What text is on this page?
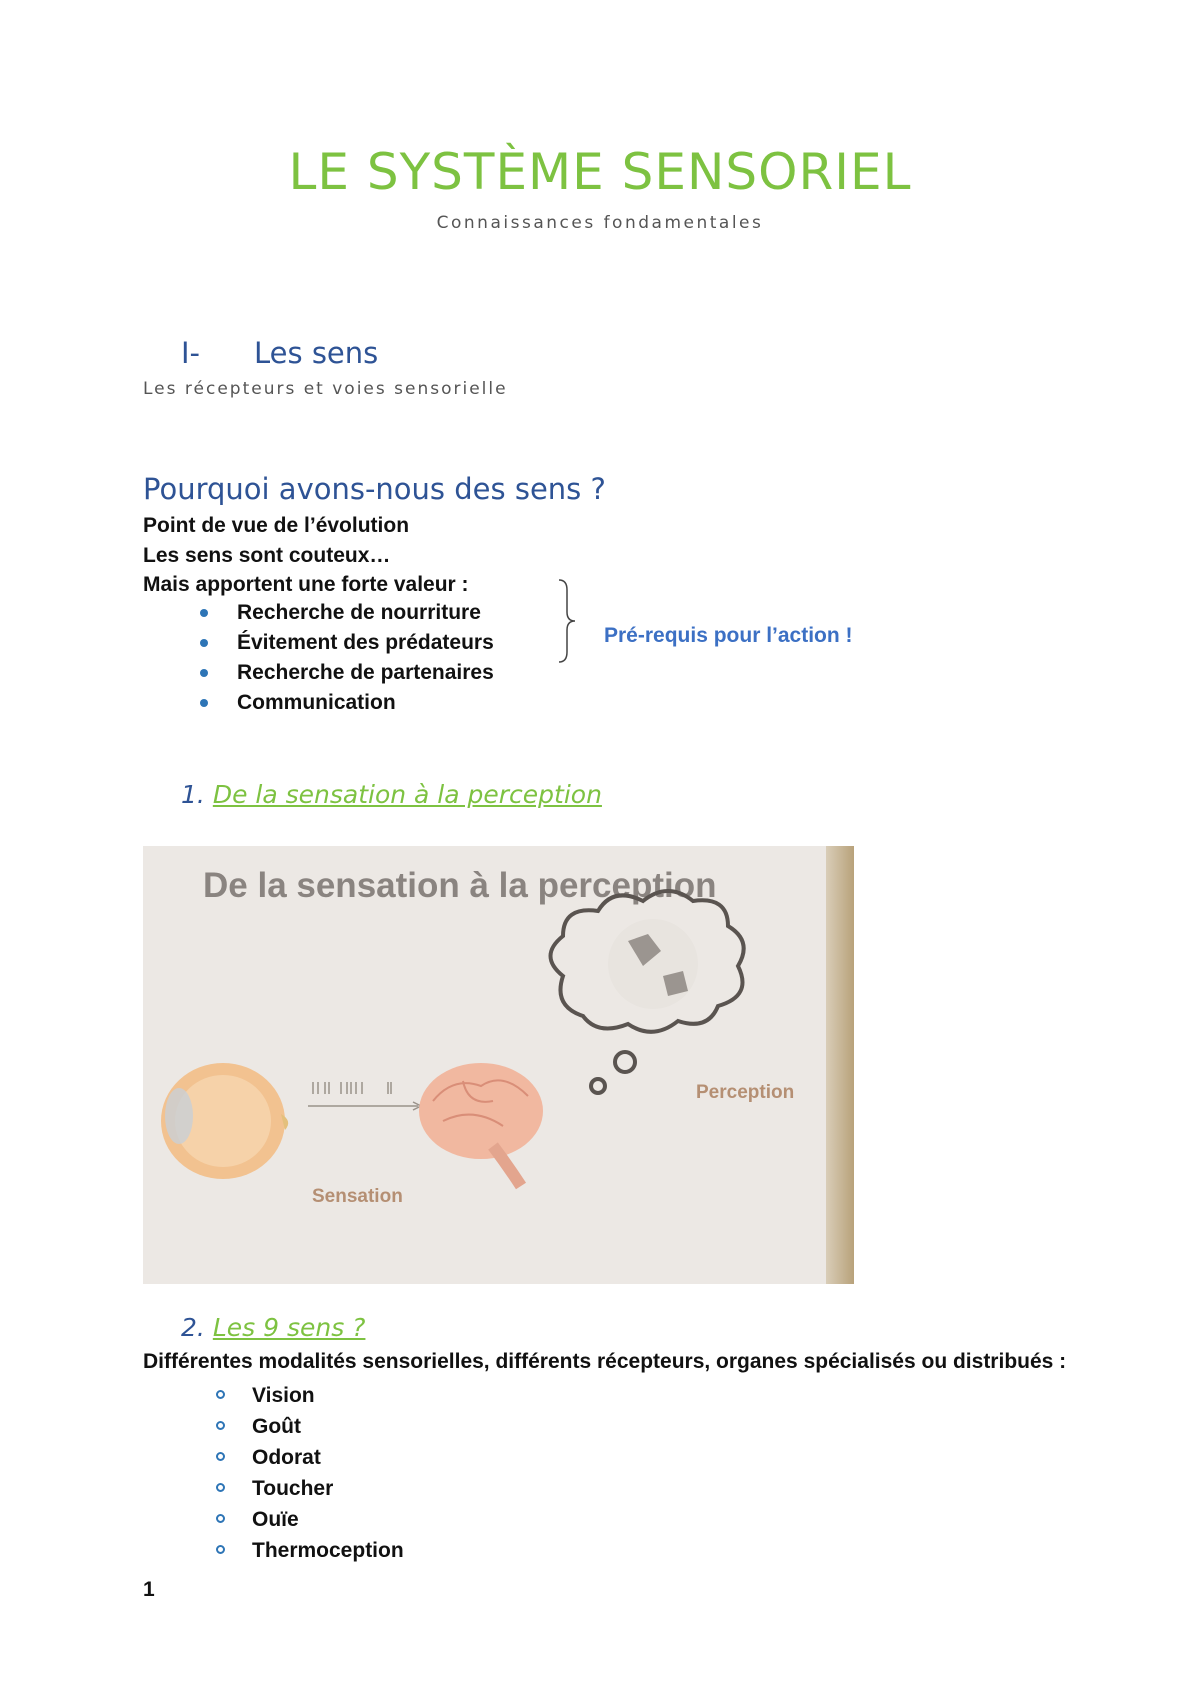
LE SYSTÈME SENSORIEL
Connaissances fondamentales
I- Les sens
Les récepteurs et voies sensorielle
Pourquoi avons-nous des sens ?
Point de vue de l’évolution
Les sens sont couteux…
Mais apportent une forte valeur :
Recherche de nourriture
Évitement des prédateurs
Recherche de partenaires
Communication
Pré-requis pour l’action !
1. De la sensation à la perception
De la sensation à la perception
Perception
Sensation
2. Les 9 sens ?
Différentes modalités sensorielles, différents récepteurs, organes spécialisés ou distribués :
Vision
Goût
Odorat
Toucher
Ouïe
Thermoception
1
